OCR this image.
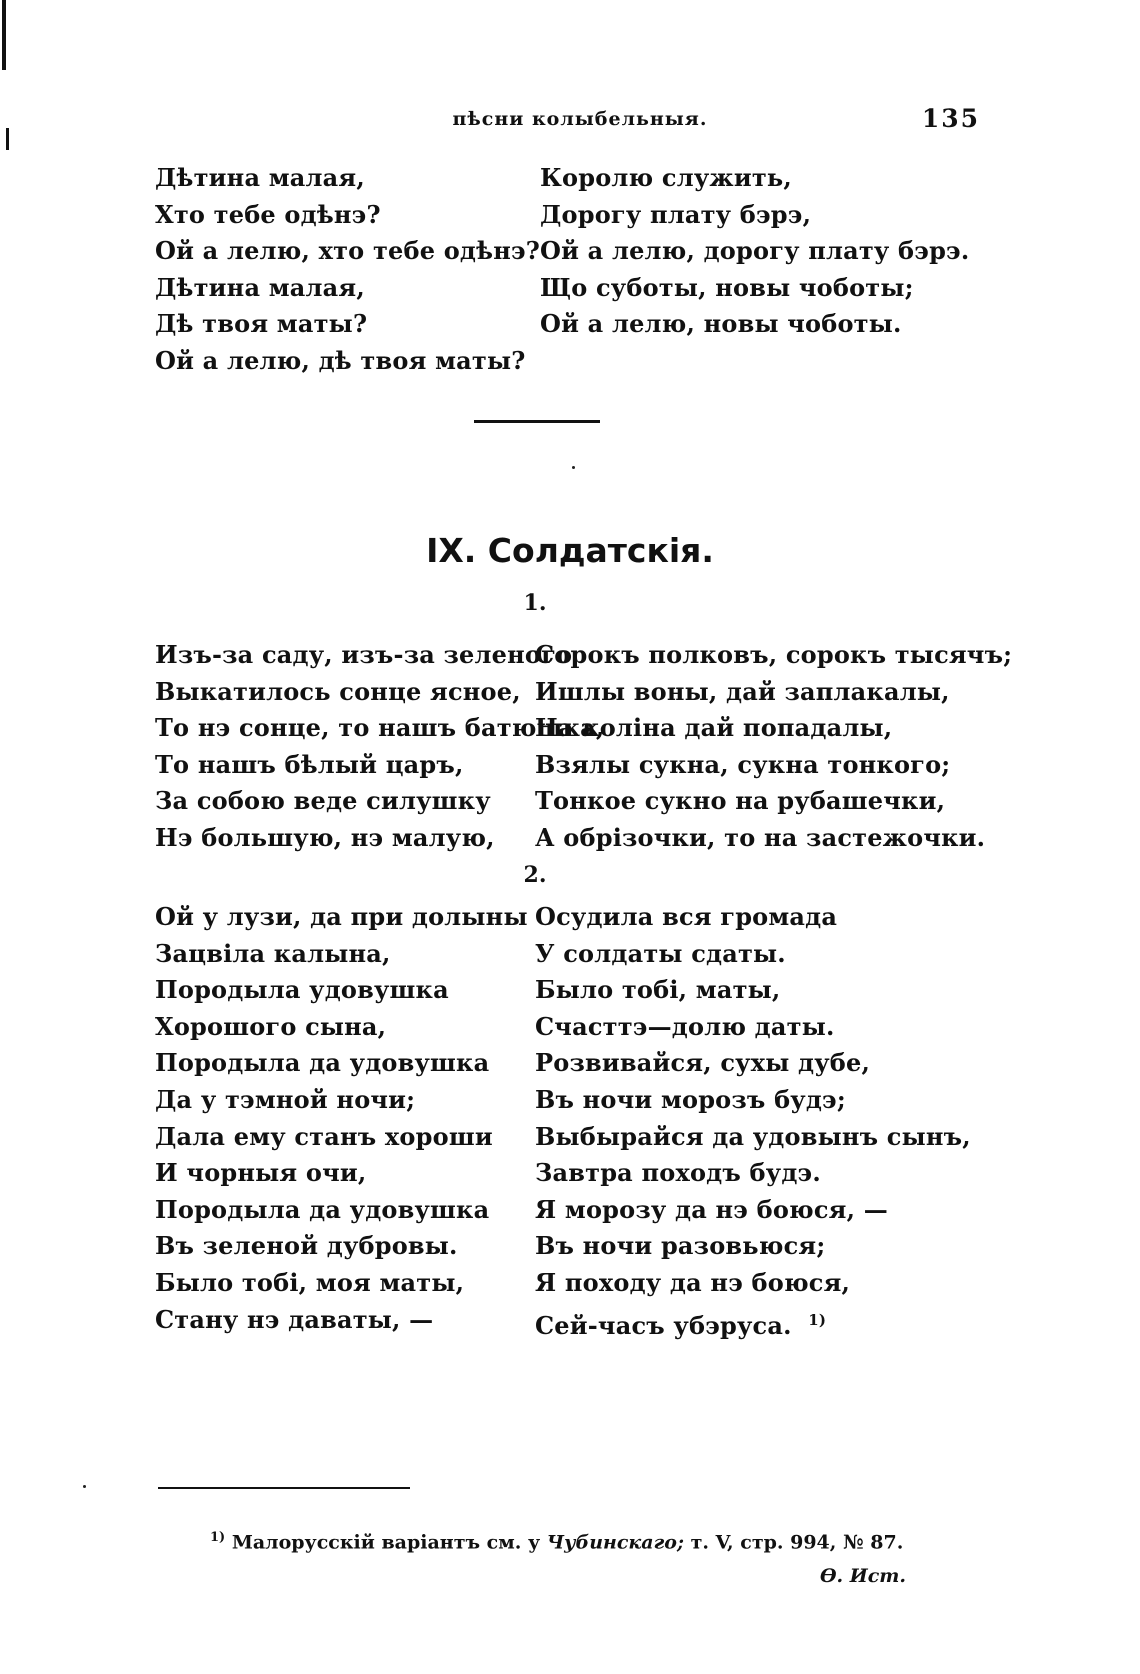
пѣсни колыбельныя.	135
Дѣтина малая,
Хто тебе одѣнэ?
Ой а лелю, хто тебе одѣнэ?
Дѣтина малая,
Дѣ твоя маты?
Ой а лелю, дѣ твоя маты?
Королю служить,
Дорогу плату бэрэ,
Ой а лелю, дорогу плату бэрэ.
Що суботы, новы чоботы;
Ой а лелю, новы чоботы.
IX. Солдатскія.
1.
Изъ-за саду, изъ-за зеленого
Выкатилось сонце ясное,
То нэ сонце, то нашъ батюшка,
То нашъ бѣлый царъ,
За собою веде силушку
Нэ большую, нэ малую,
Сорокъ полковъ, сорокъ тысячъ;
Ишлы воны, дай заплакалы,
На коліна дай попадалы,
Взялы сукна, сукна тонкого;
Тонкое сукно на рубашечки,
А обрізочки, то на застежочки.
2.
Ой у лузи, да при долыны
Зацвіла калына,
Породыла удовушка
Хорошого сына,
Породыла да удовушка
Да у тэмной ночи;
Дала ему станъ хороши
И чорныя очи,
Породыла да удовушка
Въ зеленой дубровы.
Было тобі, моя маты,
Стану нэ даваты, —
Осудила вся громада
У солдаты сдаты.
Было тобі, маты,
Счасттэ—долю даты.
Розвивайся, сухы дубе,
Въ ночи морозъ будэ;
Выбырайся да удовынъ сынъ,
Завтра походъ будэ.
Я морозу да нэ боюся, —
Въ ночи разовьюся;
Я походу да нэ боюся,
Сей-часъ убэруса. $^{1)}$
$^{1)}$ Малорусскій варіантъ см. у Чубинскаго; т. V, стр. 994, № 87.
Ѳ. Ист.
